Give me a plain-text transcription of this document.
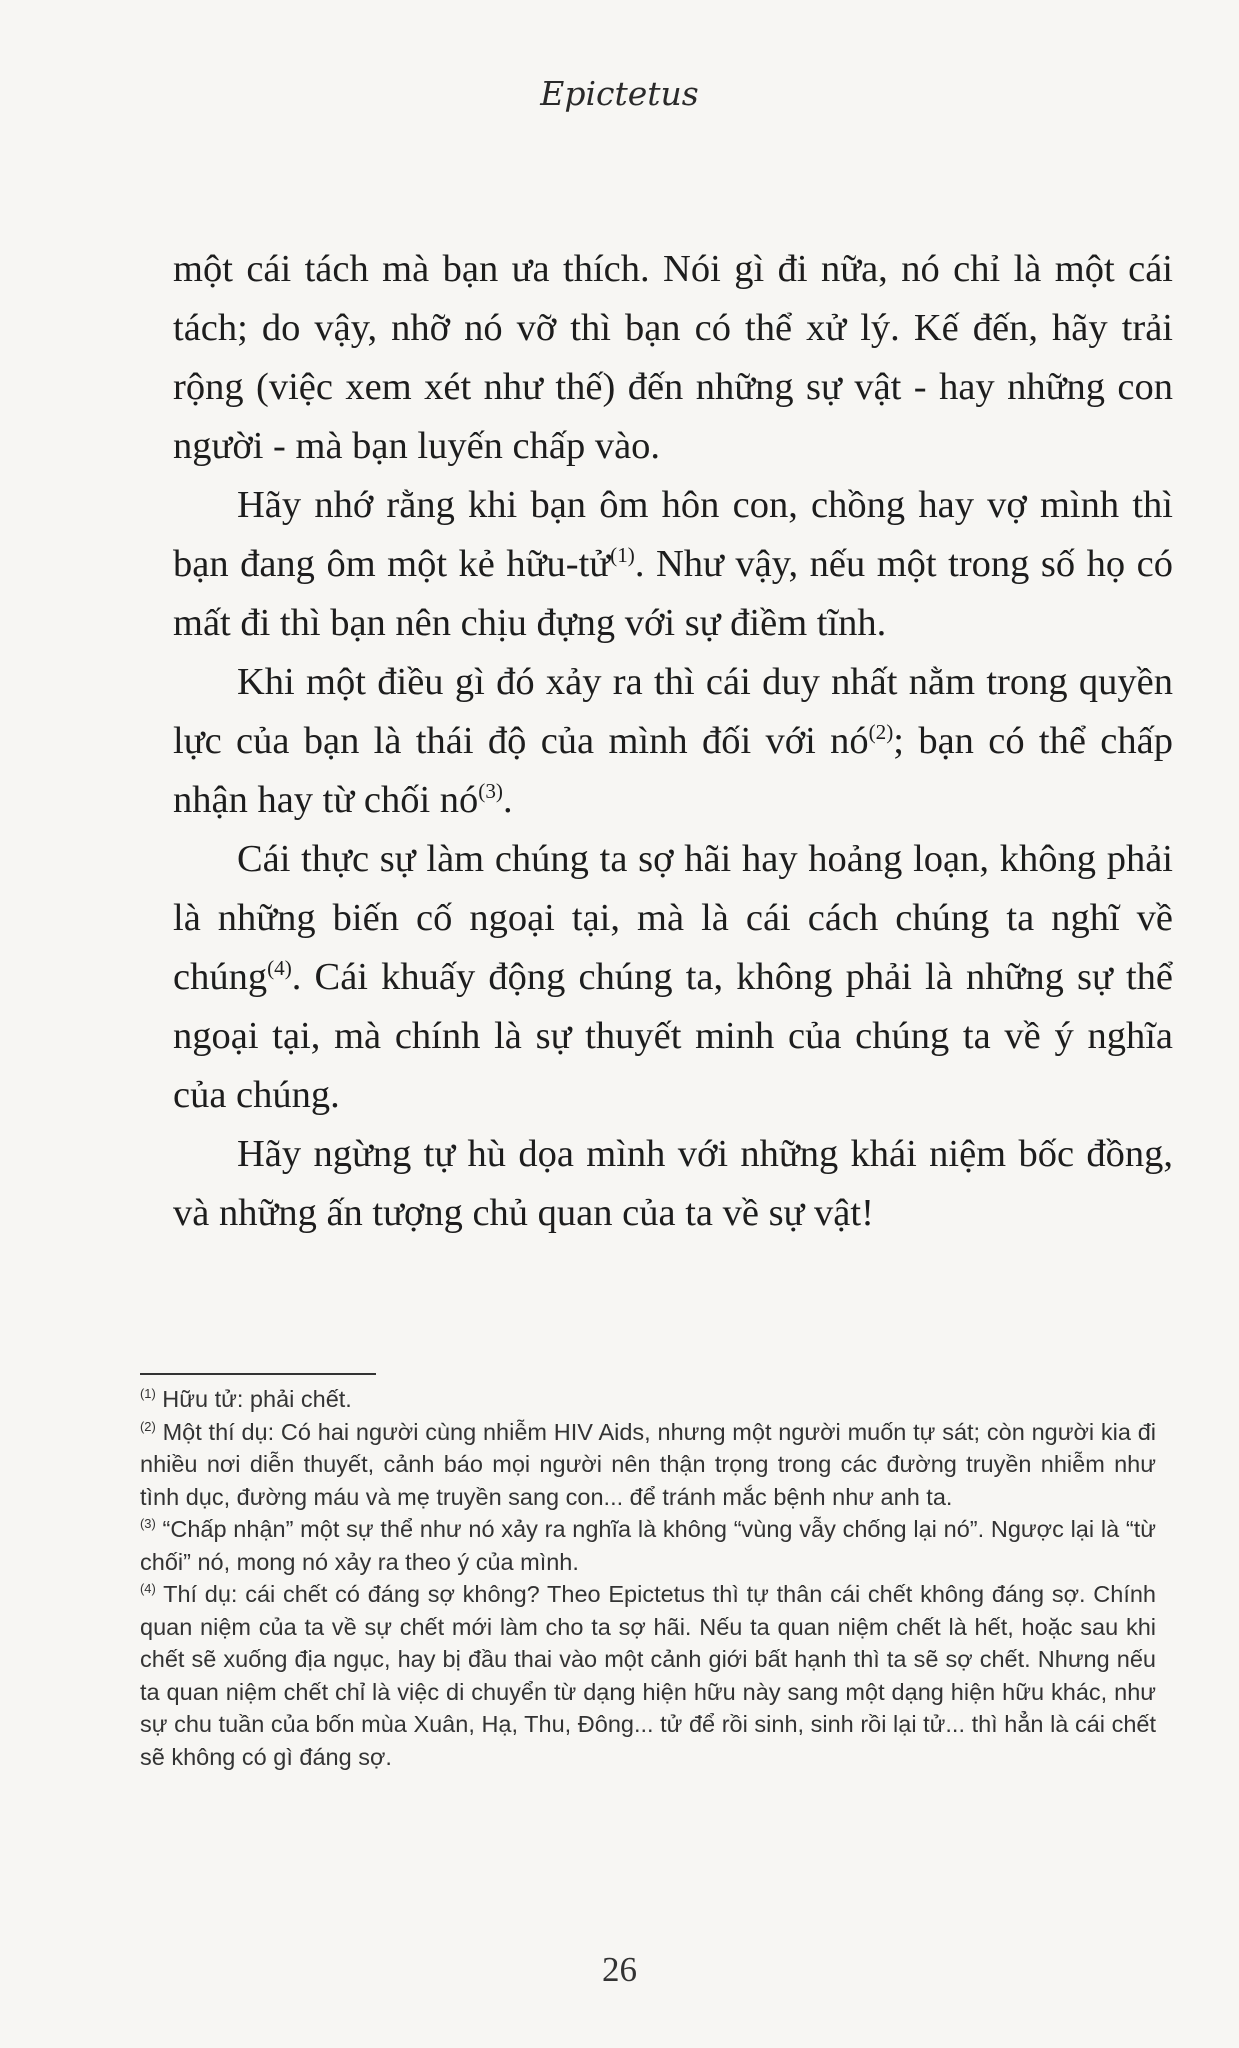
Epictetus

một cái tách mà bạn ưa thích. Nói gì đi nữa, nó chỉ là một cái tách; do vậy, nhỡ nó vỡ thì bạn có thể xử lý. Kế đến, hãy trải rộng (việc xem xét như thế) đến những sự vật - hay những con người - mà bạn luyến chấp vào.

Hãy nhớ rằng khi bạn ôm hôn con, chồng hay vợ mình thì bạn đang ôm một kẻ hữu-tử$^{(1)}$. Như vậy, nếu một trong số họ có mất đi thì bạn nên chịu đựng với sự điềm tĩnh.

Khi một điều gì đó xảy ra thì cái duy nhất nằm trong quyền lực của bạn là thái độ của mình đối với $nó^{(2)}$; bạn có thể chấp nhận hay từ chối $nó^{(3)}$.

Cái thực sự làm chúng ta sợ hãi hay hoảng loạn, không phải là những biến cố ngoại tại, mà là cái cách chúng ta nghĩ về chúng$^{(4)}$. Cái khuấy động chúng ta, không phải là những sự thể ngoại tại, mà chính là sự thuyết minh của chúng ta về ý nghĩa của chúng.

Hãy ngừng tự hù dọa mình với những khái niệm bốc đồng, và những ấn tượng chủ quan của ta về sự vật!

$^{(1)}$ Hữu tử: phải chết.

$^{(2)}$ Một thí dụ: Có hai người cùng nhiễm HIV Aids, nhưng một người muốn tự sát; còn người kia đi nhiều nơi diễn thuyết, cảnh báo mọi người nên thận trọng trong các đường truyền nhiễm như tình dục, đường máu và mẹ truyền sang con... để tránh mắc bệnh như anh ta.

$^{(3)}$ “Chấp nhận” một sự thể như nó xảy ra nghĩa là không “vùng vẫy chống lại nó”. Ngược lại là “từ chối” nó, mong nó xảy ra theo ý của mình.

$^{(4)}$ Thí dụ: cái chết có đáng sợ không? Theo Epictetus thì tự thân cái chết không đáng sợ. Chính quan niệm của ta về sự chết mới làm cho ta sợ hãi. Nếu ta quan niệm chết là hết, hoặc sau khi chết sẽ xuống địa ngục, hay bị đầu thai vào một cảnh giới bất hạnh thì ta sẽ sợ chết. Nhưng nếu ta quan niệm chết chỉ là việc di chuyển từ dạng hiện hữu này sang một dạng hiện hữu khác, như sự chu tuần của bốn mùa Xuân, Hạ, Thu, Đông... tử để rồi sinh, sinh rồi lại tử... thì hẳn là cái chết sẽ không có gì đáng sợ.

26
